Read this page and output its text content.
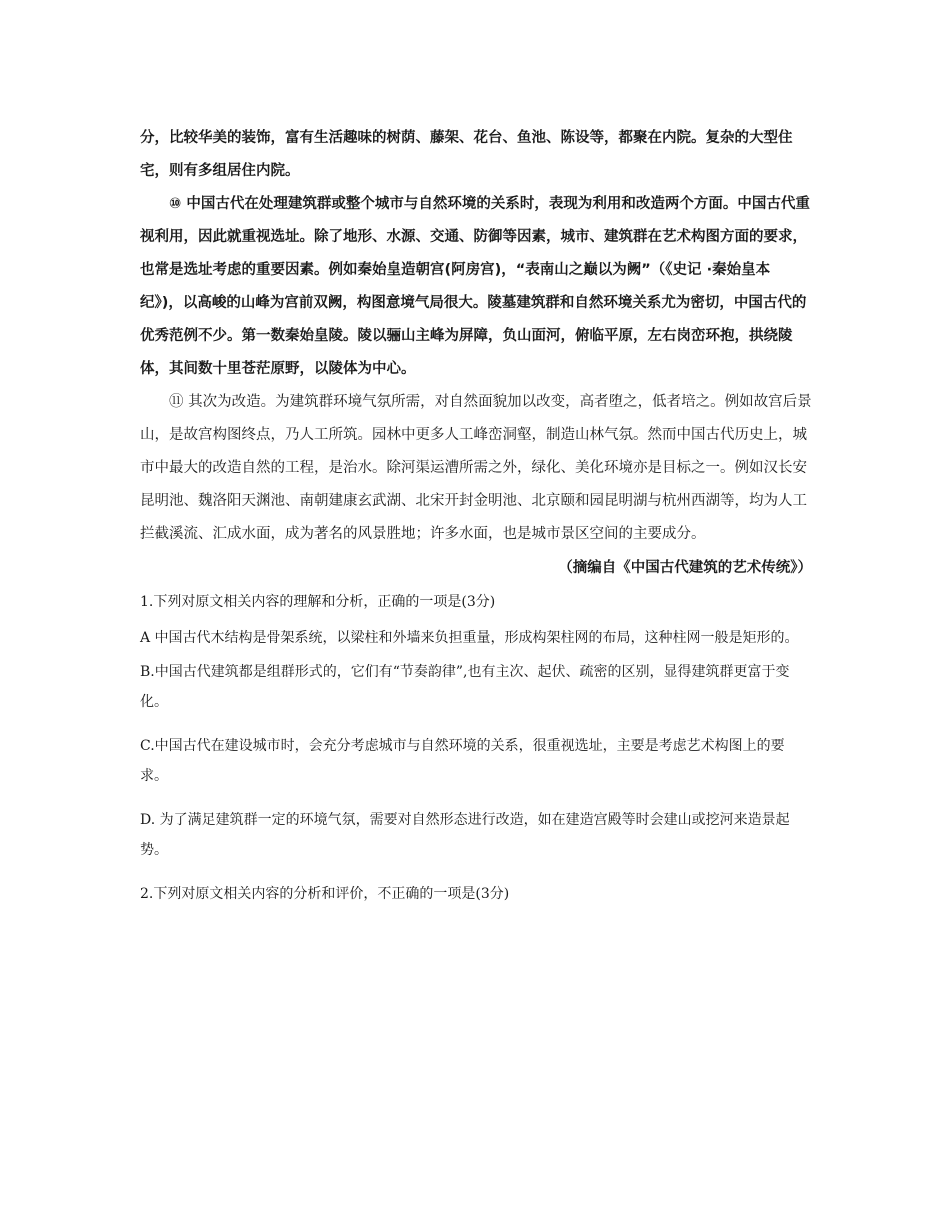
分，比较华美的装饰，富有生活趣味的树荫、藤架、花台、鱼池、陈设等，都聚在内院。复杂的大型住宅，则有多组居住内院。

⑩ 中国古代在处理建筑群或整个城市与自然环境的关系时，表现为利用和改造两个方面。中国古代重视利用，因此就重视选址。除了地形、水源、交通、防御等因素，城市、建筑群在艺术构图方面的要求，也常是选址考虑的重要因素。例如秦始皇造朝宫(阿房宫)，“表南山之巅以为阙”（《史记 ·秦始皇本纪》)，以高峻的山峰为宫前双阙，构图意境气局很大。陵墓建筑群和自然环境关系尤为密切，中国古代的优秀范例不少。第一数秦始皇陵。陵以骊山主峰为屏障，负山面河，俯临平原，左右岗峦环抱，拱绕陵体，其间数十里苍茫原野，以陵体为中心。

⑪ 其次为改造。为建筑群环境气氛所需，对自然面貌加以改变，高者堕之，低者培之。例如故宫后景山，是故宫构图终点，乃人工所筑。园林中更多人工峰峦洞壑，制造山林气氛。然而中国古代历史上，城市中最大的改造自然的工程，是治水。除河渠运漕所需之外，绿化、美化环境亦是目标之一。例如汉长安昆明池、魏洛阳天渊池、南朝建康玄武湖、北宋开封金明池、北京颐和园昆明湖与杭州西湖等，均为人工拦截溪流、汇成水面，成为著名的风景胜地；许多水面，也是城市景区空间的主要成分。

（摘编自《中国古代建筑的艺术传统》）

1.下列对原文相关内容的理解和分析，正确的一项是(3分)

A 中国古代木结构是骨架系统，以梁柱和外墙来负担重量，形成构架柱网的布局，这种柱网一般是矩形的。

B.中国古代建筑都是组群形式的，它们有“节奏韵律”,也有主次、起伏、疏密的区别，显得建筑群更富于变化。

C.中国古代在建设城市时，会充分考虑城市与自然环境的关系，很重视选址，主要是考虑艺术构图上的要求。

D. 为了满足建筑群一定的环境气氛，需要对自然形态进行改造，如在建造宫殿等时会建山或挖河来造景起势。

2.下列对原文相关内容的分析和评价，不正确的一项是(3分)
